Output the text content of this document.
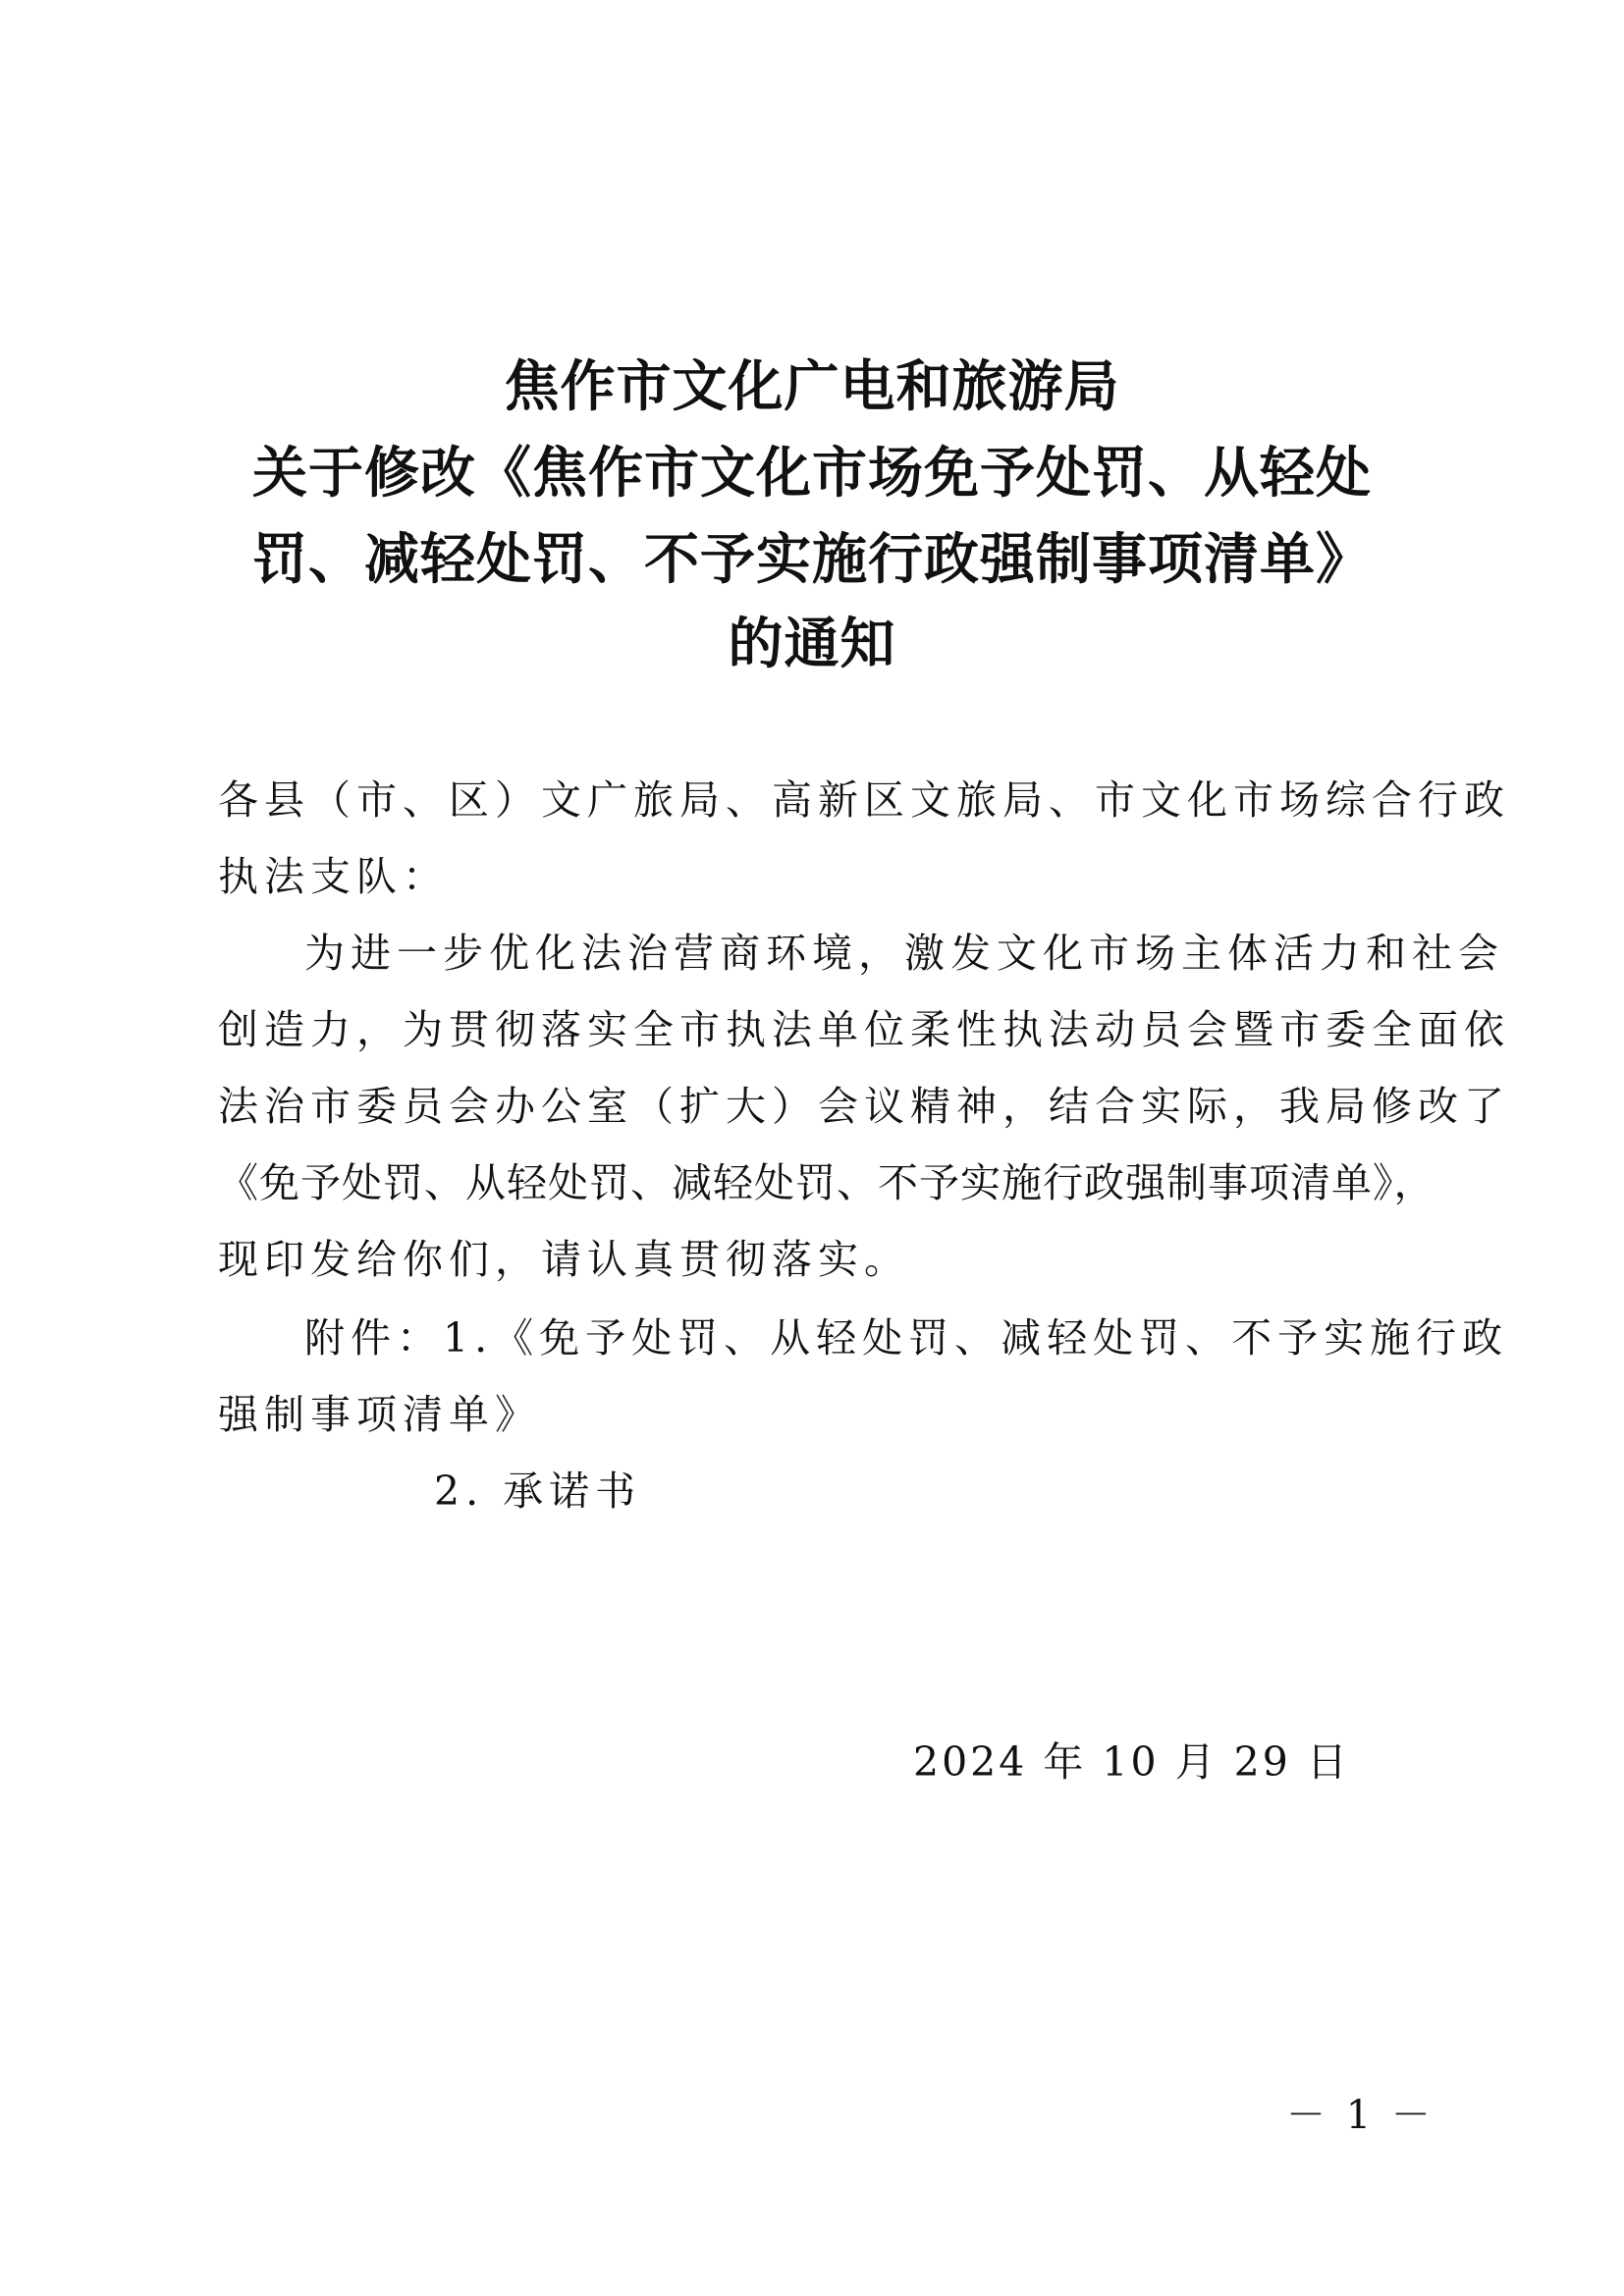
焦作市文化广电和旅游局
关于修改《焦作市文化市场免予处罚、从轻处
罚、减轻处罚、不予实施行政强制事项清单》
的通知
各县（市、区）文广旅局、高新区文旅局、市文化市场综合行政
执法支队：
为进一步优化法治营商环境，激发文化市场主体活力和社会
创造力，为贯彻落实全市执法单位柔性执法动员会暨市委全面依
法治市委员会办公室（扩大）会议精神，结合实际，我局修改了
《免予处罚、从轻处罚、减轻处罚、不予实施行政强制事项清单》，
现印发给你们，请认真贯彻落实。
附件：1.《免予处罚、从轻处罚、减轻处罚、不予实施行政
强制事项清单》
2. 承诺书
2024 年 10 月 29 日
－ 1 －
